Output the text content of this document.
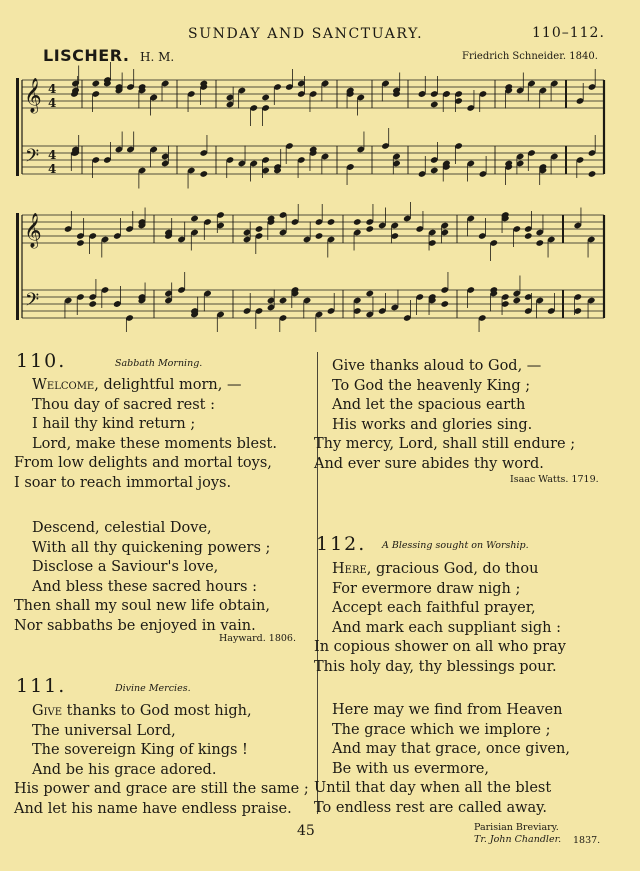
SUNDAY AND SANCTUARY.	110–112.
LISCHER. H. M.	Friedrich Schneider. 1840.
𝄞
𝄢
4
4
4
4
𝄞
𝄢
110.	Sabbath Morning.
Welcome, delightful morn, —
Thou day of sacred rest :
I hail thy kind return ;
Lord, make these moments blest.
From low delights and mortal toys,
I soar to reach immortal joys.
Descend, celestial Dove,
With all thy quickening powers ;
Disclose a Saviour's love,
And bless these sacred hours :
Then shall my soul new life obtain,
Nor sabbaths be enjoyed in vain.
Hayward. 1806.
111.	Divine Mercies.
Give thanks to God most high,
The universal Lord,
The sovereign King of kings !
And be his grace adored.
His power and grace are still the same ;
And let his name have endless praise.
Give thanks aloud to God, —
To God the heavenly King ;
And let the spacious earth
His works and glories sing.
Thy mercy, Lord, shall still endure ;
And ever sure abides thy word.
Isaac Watts. 1719.
112. A Blessing sought on Worship.
Here, gracious God, do thou
For evermore draw nigh ;
Accept each faithful prayer,
And mark each suppliant sigh :
In copious shower on all who pray
This holy day, thy blessings pour.
Here may we find from Heaven
The grace which we implore ;
And may that grace, once given,
Be with us evermore,
Until that day when all the blest
To endless rest are called away.
Parisian Breviary.
Tr. John Chandler. 1837.
45
